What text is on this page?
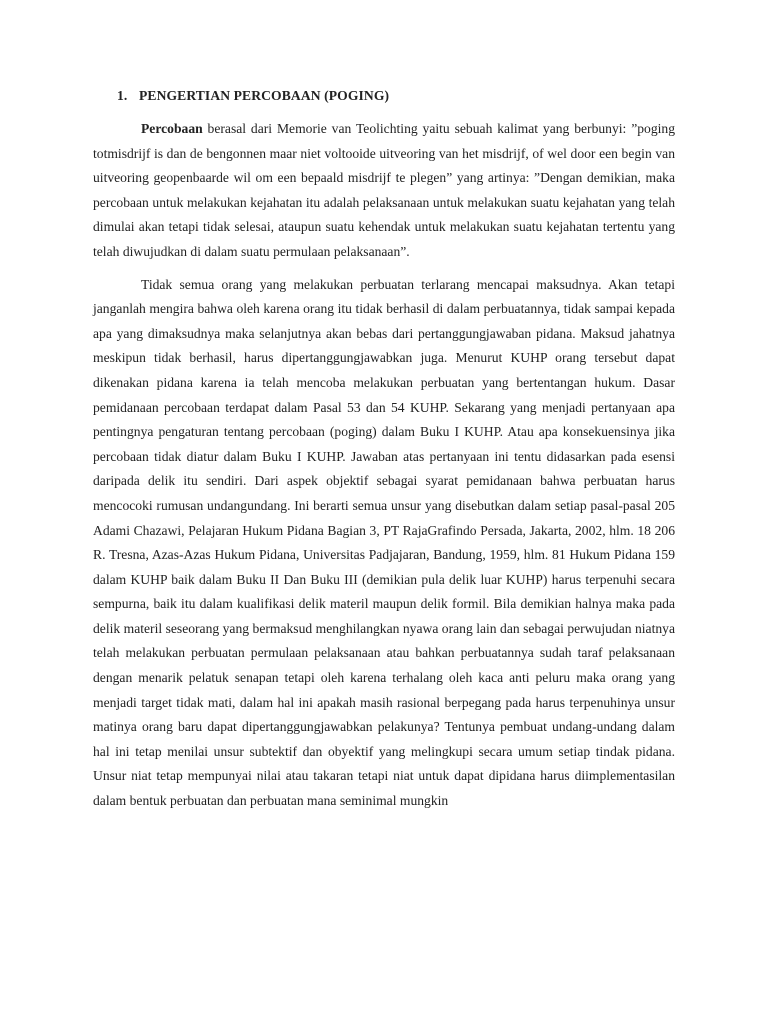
1. PENGERTIAN PERCOBAAN (POGING)

Percobaan berasal dari Memorie van Teolichting yaitu sebuah kalimat yang berbunyi: ”poging totmisdrijf is dan de bengonnen maar niet voltooide uitveoring van het misdrijf, of wel door een begin van uitveoring geopenbaarde wil om een bepaald misdrijf te plegen” yang artinya: ”Dengan demikian, maka percobaan untuk melakukan kejahatan itu adalah pelaksanaan untuk melakukan suatu kejahatan yang telah dimulai akan tetapi tidak selesai, ataupun suatu kehendak untuk melakukan suatu kejahatan tertentu yang telah diwujudkan di dalam suatu permulaan pelaksanaan”.

Tidak semua orang yang melakukan perbuatan terlarang mencapai maksudnya. Akan tetapi janganlah mengira bahwa oleh karena orang itu tidak berhasil di dalam perbuatannya, tidak sampai kepada apa yang dimaksudnya maka selanjutnya akan bebas dari pertanggungjawaban pidana. Maksud jahatnya meskipun tidak berhasil, harus dipertanggungjawabkan juga. Menurut KUHP orang tersebut dapat dikenakan pidana karena ia telah mencoba melakukan perbuatan yang bertentangan hukum. Dasar pemidanaan percobaan terdapat dalam Pasal 53 dan 54 KUHP. Sekarang yang menjadi pertanyaan apa pentingnya pengaturan tentang percobaan (poging) dalam Buku I KUHP. Atau apa konsekuensinya jika percobaan tidak diatur dalam Buku I KUHP. Jawaban atas pertanyaan ini tentu didasarkan pada esensi daripada delik itu sendiri. Dari aspek objektif sebagai syarat pemidanaan bahwa perbuatan harus mencocoki rumusan undangundang. Ini berarti semua unsur yang disebutkan dalam setiap pasal-pasal 205 Adami Chazawi, Pelajaran Hukum Pidana Bagian 3, PT RajaGrafindo Persada, Jakarta, 2002, hlm. 18 206 R. Tresna, Azas-Azas Hukum Pidana, Universitas Padjajaran, Bandung, 1959, hlm. 81 Hukum Pidana 159 dalam KUHP baik dalam Buku II Dan Buku III (demikian pula delik luar KUHP) harus terpenuhi secara sempurna, baik itu dalam kualifikasi delik materil maupun delik formil. Bila demikian halnya maka pada delik materil seseorang yang bermaksud menghilangkan nyawa orang lain dan sebagai perwujudan niatnya telah melakukan perbuatan permulaan pelaksanaan atau bahkan perbuatannya sudah taraf pelaksanaan dengan menarik pelatuk senapan tetapi oleh karena terhalang oleh kaca anti peluru maka orang yang menjadi target tidak mati, dalam hal ini apakah masih rasional berpegang pada harus terpenuhinya unsur matinya orang baru dapat dipertanggungjawabkan pelakunya? Tentunya pembuat undang-undang dalam hal ini tetap menilai unsur subtektif dan obyektif yang melingkupi secara umum setiap tindak pidana. Unsur niat tetap mempunyai nilai atau takaran tetapi niat untuk dapat dipidana harus diimplementasilan dalam bentuk perbuatan dan perbuatan mana seminimal mungkin
